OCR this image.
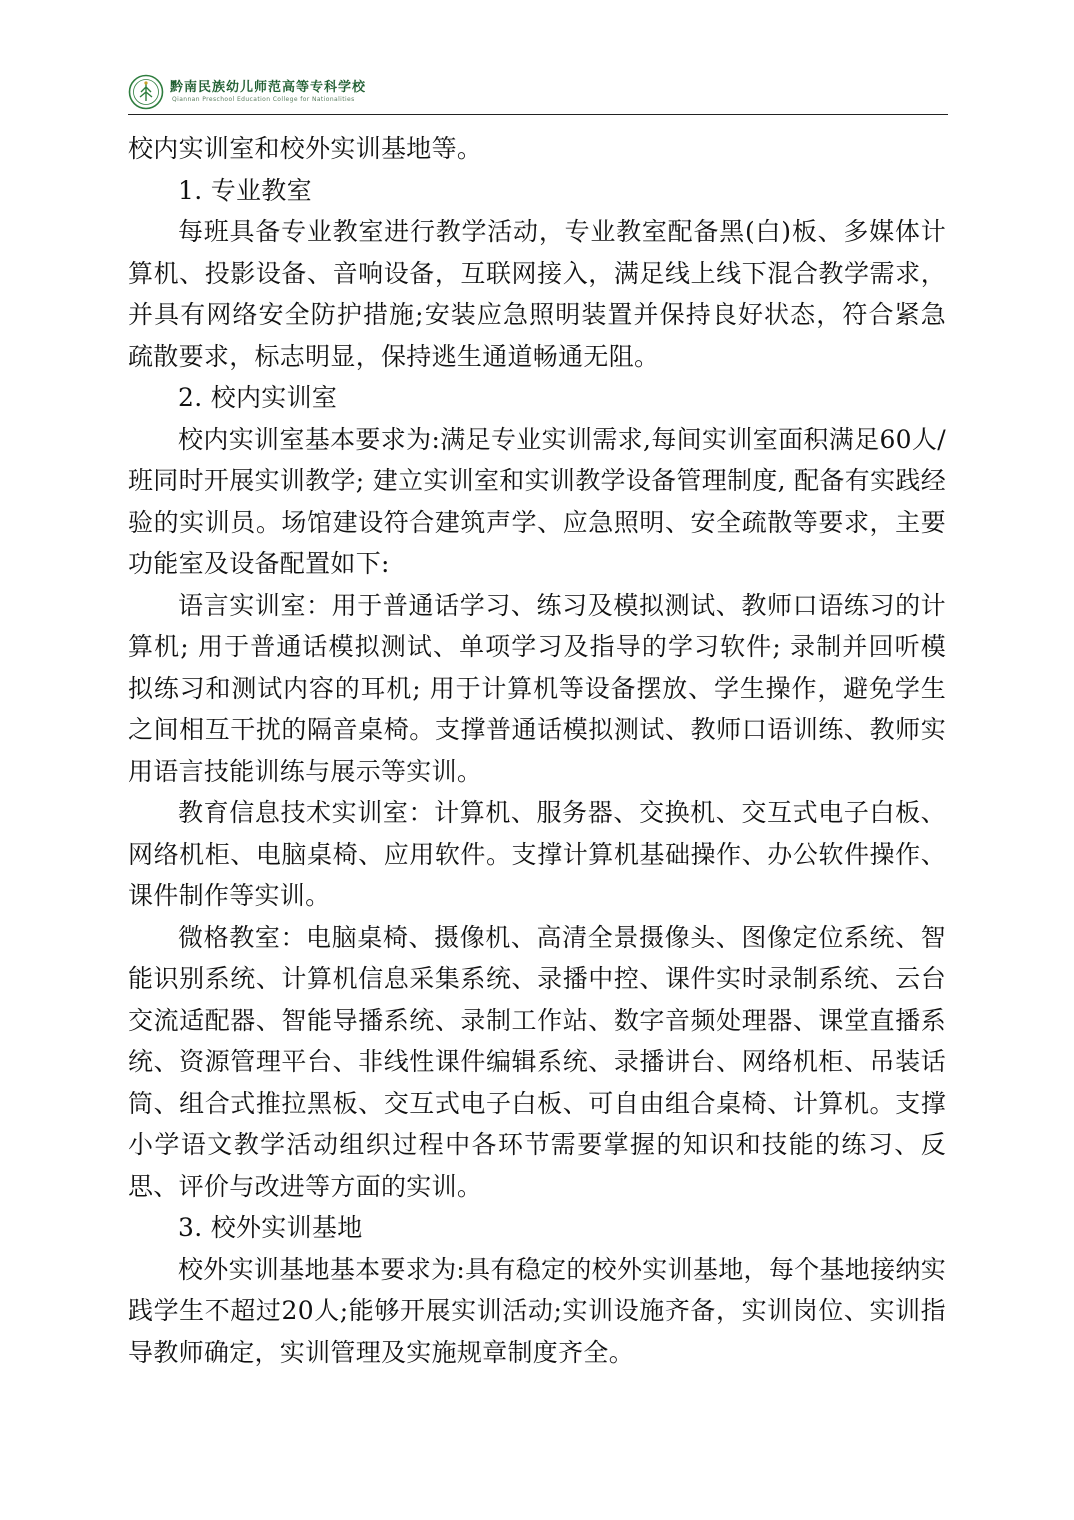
黔南民族幼儿师范高等专科学校
Qiannan Preschool Education College for Nationalities

校内实训室和校外实训基地等。

1. 专业教室

每班具备专业教室进行教学活动，专业教室配备黑(白)板、多媒体计算机、投影设备、音响设备，互联网接入，满足线上线下混合教学需求，并具有网络安全防护措施;安装应急照明装置并保持良好状态，符合紧急疏散要求，标志明显，保持逃生通道畅通无阻。

2. 校内实训室

校内实训室基本要求为:满足专业实训需求,每间实训室面积满足60人/班同时开展实训教学; 建立实训室和实训教学设备管理制度, 配备有实践经验的实训员。场馆建设符合建筑声学、应急照明、安全疏散等要求，主要功能室及设备配置如下:

语言实训室：用于普通话学习、练习及模拟测试、教师口语练习的计算机; 用于普通话模拟测试、单项学习及指导的学习软件; 录制并回听模拟练习和测试内容的耳机; 用于计算机等设备摆放、学生操作，避免学生之间相互干扰的隔音桌椅。支撑普通话模拟测试、教师口语训练、教师实用语言技能训练与展示等实训。

教育信息技术实训室：计算机、服务器、交换机、交互式电子白板、网络机柜、电脑桌椅、应用软件。支撑计算机基础操作、办公软件操作、课件制作等实训。

微格教室：电脑桌椅、摄像机、高清全景摄像头、图像定位系统、智能识别系统、计算机信息采集系统、录播中控、课件实时录制系统、云台交流适配器、智能导播系统、录制工作站、数字音频处理器、课堂直播系统、资源管理平台、非线性课件编辑系统、录播讲台、网络机柜、吊装话筒、组合式推拉黑板、交互式电子白板、可自由组合桌椅、计算机。支撑小学语文教学活动组织过程中各环节需要掌握的知识和技能的练习、反思、评价与改进等方面的实训。

3. 校外实训基地

校外实训基地基本要求为:具有稳定的校外实训基地，每个基地接纳实践学生不超过20人;能够开展实训活动;实训设施齐备，实训岗位、实训指导教师确定，实训管理及实施规章制度齐全。
